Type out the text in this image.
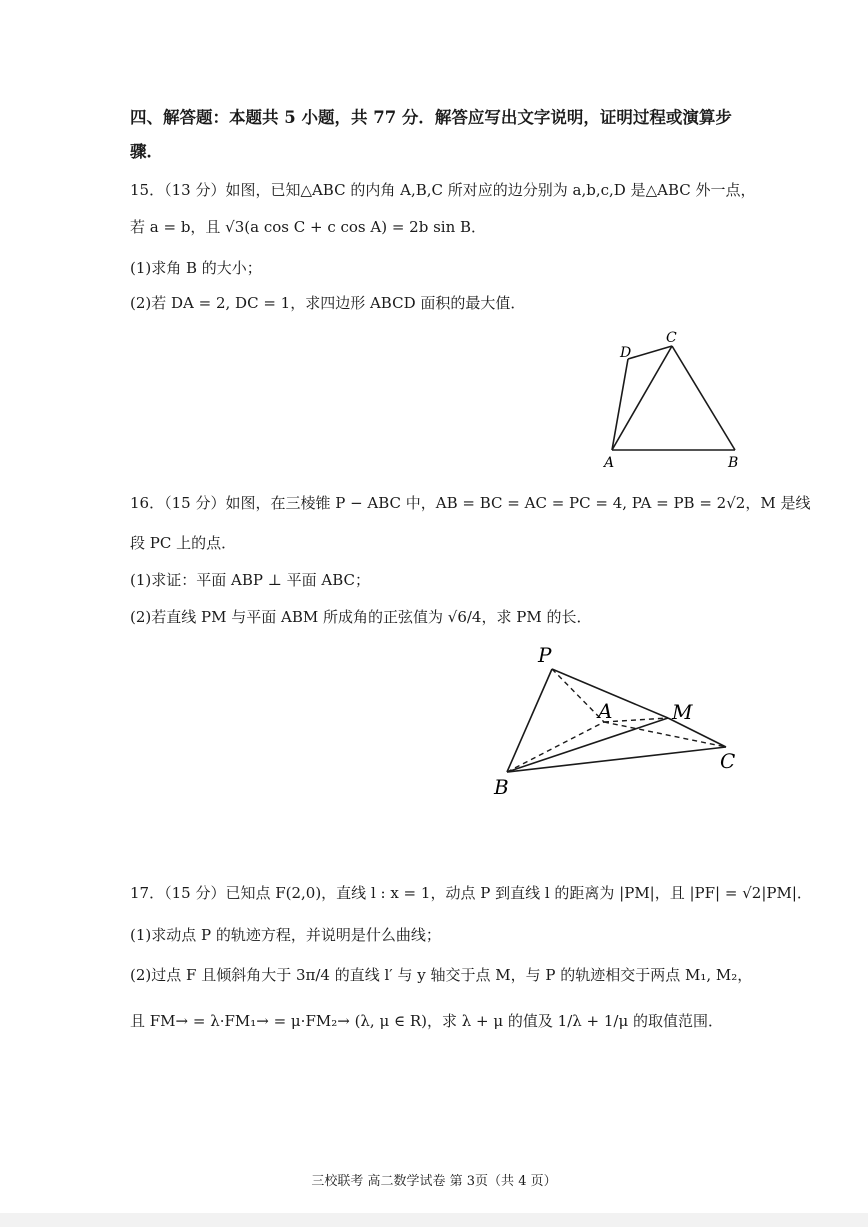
四、解答题：本题共 5 小题，共 77 分．解答应写出文字说明，证明过程或演算步
骤．
15．（13 分）如图，已知△ABC 的内角 A,B,C 所对应的边分别为 a,b,c,D 是△ABC 外一点，
若 a = b，且 √3(a cos C + c cos A) = 2b sin B．
(1)求角 B 的大小；
(2)若 DA = 2, DC = 1，求四边形 ABCD 面积的最大值．
D
C
A	B
16．（15 分）如图，在三棱锥 P − ABC 中，AB = BC = AC = PC = 4, PA = PB = 2√2，M 是线
段 PC 上的点．
(1)求证：平面 ABP ⊥ 平面 ABC；
(2)若直线 PM 与平面 ABM 所成角的正弦值为 √6/4，求 PM 的长．
P
A	M
C
B
17．（15 分）已知点 F(2,0)，直线 l : x = 1，动点 P 到直线 l 的距离为 |PM|，且 |PF| = √2|PM|．
(1)求动点 P 的轨迹方程，并说明是什么曲线；
(2)过点 F 且倾斜角大于 3π/4 的直线 l′ 与 y 轴交于点 M，与 P 的轨迹相交于两点 M₁, M₂，
且 FM→ = λ·FM₁→ = μ·FM₂→ (λ, μ ∈ R)，求 λ + μ 的值及 1/λ + 1/μ 的取值范围．
三校联考 高二数学试卷 第 3页（共 4 页）
